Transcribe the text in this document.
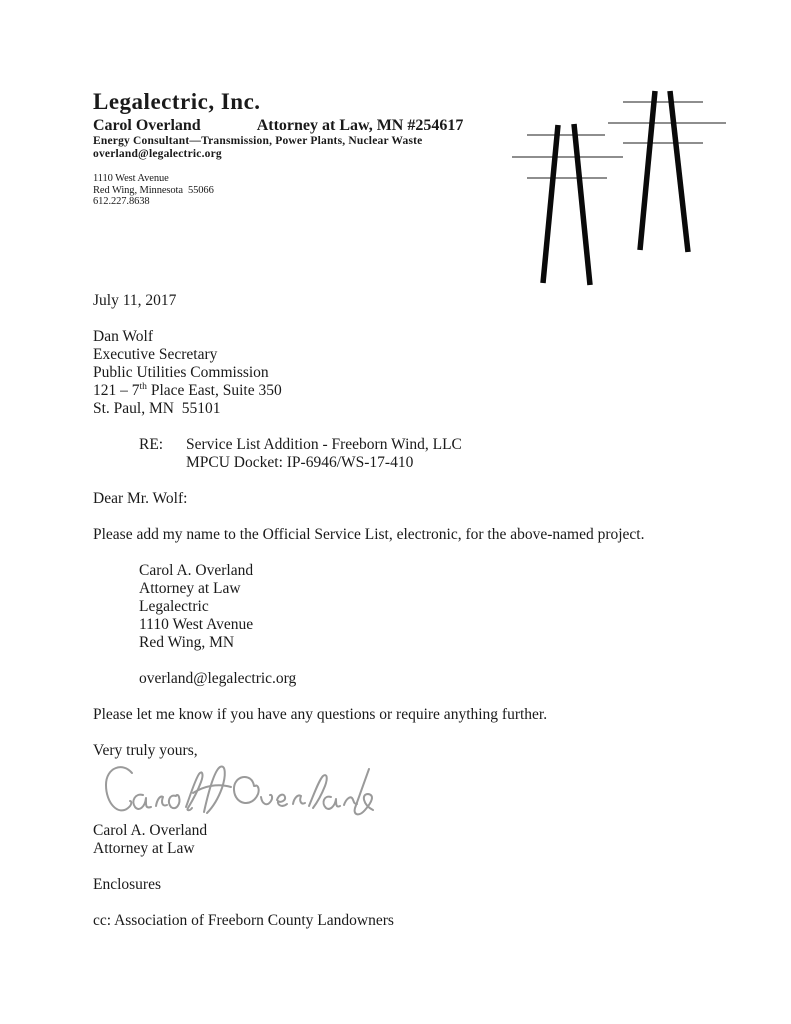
Legalectric, Inc.
Carol Overland	Attorney at Law, MN #254617
Energy Consultant—Transmission, Power Plants, Nuclear Waste
overland@legalectric.org

1110 West Avenue

Red Wing, Minnesota  55066

612.227.8638

July 11, 2017

Dan Wolf

Executive Secretary

Public Utilities Commission

121 – 7th Place East, Suite 350

St. Paul, MN  55101

RE:	Service List Addition - Freeborn Wind, LLC

MPCU Docket: IP-6946/WS-17-410

Dear Mr. Wolf:

Please add my name to the Official Service List, electronic, for the above-named project.

Carol A. Overland

Attorney at Law

Legalectric

1110 West Avenue

Red Wing, MN

overland@legalectric.org

Please let me know if you have any questions or require anything further.

Very truly yours,

Carol A. Overland

Attorney at Law

Enclosures

cc: Association of Freeborn County Landowners
